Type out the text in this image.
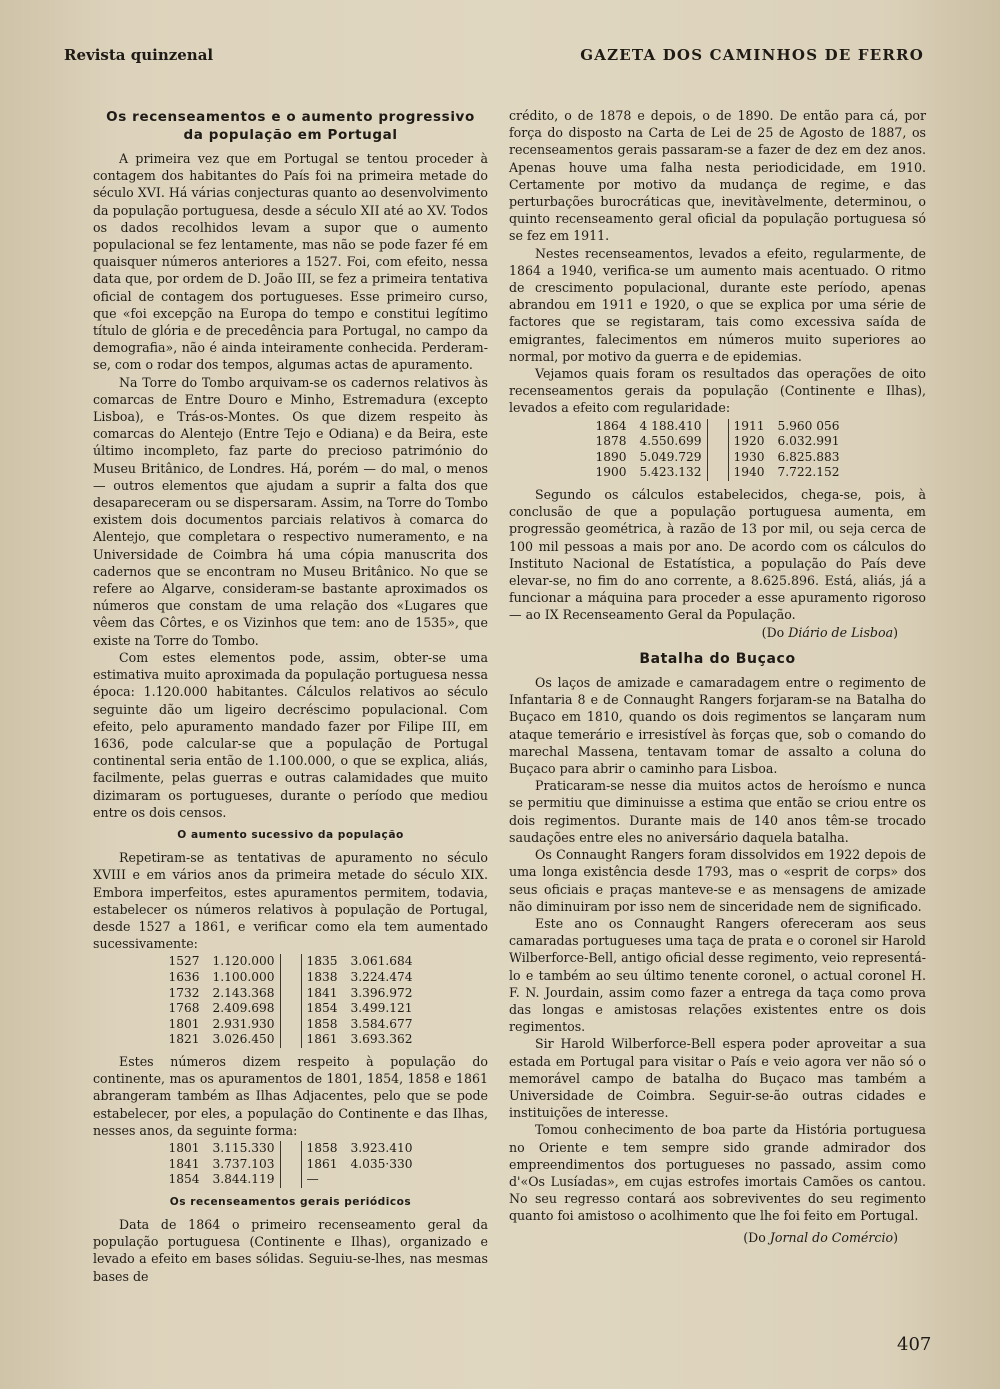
Revista quinzenal	GAZETA DOS CAMINHOS DE FERRO
Os recenseamentos e o aumento progressivo
da população em Portugal

A primeira vez que em Portugal se tentou proceder à contagem dos habitantes do País foi na primeira metade do século XVI. Há várias conjecturas quanto ao desenvolvimento da população portuguesa, desde a século XII até ao XV. Todos os dados recolhidos levam a supor que o aumento populacional se fez lentamente, mas não se pode fazer fé em quaisquer números anteriores a 1527. Foi, com efeito, nessa data que, por ordem de D. João III, se fez a primeira tentativa oficial de contagem dos portugueses. Esse primeiro curso, que «foi excepção na Europa do tempo e constitui legítimo título de glória e de precedência para Portugal, no campo da demografia», não é ainda inteiramente conhecida. Perderam-se, com o rodar dos tempos, algumas actas de apuramento.

Na Torre do Tombo arquivam-se os cadernos relativos às comarcas de Entre Douro e Minho, Estremadura (excepto Lisboa), e Trás-os-Montes. Os que dizem respeito às comarcas do Alentejo (Entre Tejo e Odiana) e da Beira, este último incompleto, faz parte do precioso património do Museu Britânico, de Londres. Há, porém — do mal, o menos — outros elementos que ajudam a suprir a falta dos que desapareceram ou se dispersaram. Assim, na Torre do Tombo existem dois documentos parciais relativos à comarca do Alentejo, que completara o respectivo numeramento, e na Universidade de Coimbra há uma cópia manuscrita dos cadernos que se encontram no Museu Britânico. No que se refere ao Algarve, consideram-se bastante aproximados os números que constam de uma relação dos «Lugares que vêem das Côrtes, e os Vizinhos que tem: ano de 1535», que existe na Torre do Tombo.

Com estes elementos pode, assim, obter-se uma estimativa muito aproximada da população portuguesa nessa época: 1.120.000 habitantes. Cálculos relativos ao século seguinte dão um ligeiro decréscimo populacional. Com efeito, pelo apuramento mandado fazer por Filipe III, em 1636, pode calcular-se que a população de Portugal continental seria então de 1.100.000, o que se explica, aliás, facilmente, pelas guerras e outras calamidades que muito dizimaram os portugueses, durante o período que mediou entre os dois censos.

O aumento sucessivo da população

Repetiram-se as tentativas de apuramento no século XVIII e em vários anos da primeira metade do século XIX. Embora imperfeitos, estes apuramentos permitem, todavia, estabelecer os números relativos à população de Portugal, desde 1527 a 1861, e verificar como ela tem aumentado sucessivamente:

1527	1.120.000		1835	3.061.684
1636	1.100.000		1838	3.224.474
1732	2.143.368		1841	3.396.972
1768	2.409.698		1854	3.499.121
1801	2.931.930		1858	3.584.677
1821	3.026.450		1861	3.693.362

Estes números dizem respeito à população do continente, mas os apuramentos de 1801, 1854, 1858 e 1861 abrangeram também as Ilhas Adjacentes, pelo que se pode estabelecer, por eles, a população do Continente e das Ilhas, nesses anos, da seguinte forma:

1801	3.115.330		1858	3.923.410
1841	3.737.103		1861	4.035·330
1854	3.844.119		—	
Os recenseamentos gerais periódicos

Data de 1864 o primeiro recenseamento geral da população portuguesa (Continente e Ilhas), organizado e levado a efeito em bases sólidas. Seguiu-se-lhes, nas mesmas bases de

crédito, o de 1878 e depois, o de 1890. De então para cá, por força do disposto na Carta de Lei de 25 de Agosto de 1887, os recenseamentos gerais passaram-se a fazer de dez em dez anos. Apenas houve uma falha nesta periodicidade, em 1910. Certamente por motivo da mudança de regime, e das perturbações burocráticas que, inevitàvelmente, determinou, o quinto recenseamento geral oficial da população portuguesa só se fez em 1911.

Nestes recenseamentos, levados a efeito, regularmente, de 1864 a 1940, verifica-se um aumento mais acentuado. O ritmo de crescimento populacional, durante este período, apenas abrandou em 1911 e 1920, o que se explica por uma série de factores que se registaram, tais como excessiva saída de emigrantes, falecimentos em números muito superiores ao normal, por motivo da guerra e de epidemias.

Vejamos quais foram os resultados das operações de oito recenseamentos gerais da população (Continente e Ilhas), levados a efeito com regularidade:

1864	4 188.410		1911	5.960 056
1878	4.550.699		1920	6.032.991
1890	5.049.729		1930	6.825.883
1900	5.423.132		1940	7.722.152

Segundo os cálculos estabelecidos, chega-se, pois, à conclusão de que a população portuguesa aumenta, em progressão geométrica, à razão de 13 por mil, ou seja cerca de 100 mil pessoas a mais por ano. De acordo com os cálculos do Instituto Nacional de Estatística, a população do País deve elevar-se, no fim do ano corrente, a 8.625.896. Está, aliás, já a funcionar a máquina para proceder a esse apuramento rigoroso — ao IX Recenseamento Geral da População.

(Do Diário de Lisboa)
Batalha do Buçaco

Os laços de amizade e camaradagem entre o regimento de Infantaria 8 e de Connaught Rangers forjaram-se na Batalha do Buçaco em 1810, quando os dois regimentos se lançaram num ataque temerário e irresistível às forças que, sob o comando do marechal Massena, tentavam tomar de assalto a coluna do Buçaco para abrir o caminho para Lisboa.

Praticaram-se nesse dia muitos actos de heroísmo e nunca se permitiu que diminuisse a estima que então se criou entre os dois regimentos. Durante mais de 140 anos têm-se trocado saudações entre eles no aniversário daquela batalha.

Os Connaught Rangers foram dissolvidos em 1922 depois de uma longa existência desde 1793, mas o «esprit de corps» dos seus oficiais e praças manteve-se e as mensagens de amizade não diminuiram por isso nem de sinceridade nem de significado.

Este ano os Connaught Rangers ofereceram aos seus camaradas portugueses uma taça de prata e o coronel sir Harold Wilberforce-Bell, antigo oficial desse regimento, veio representá-lo e também ao seu último tenente coronel, o actual coronel H. F. N. Jourdain, assim como fazer a entrega da taça como prova das longas e amistosas relações existentes entre os dois regimentos.

Sir Harold Wilberforce-Bell espera poder aproveitar a sua estada em Portugal para visitar o País e veio agora ver não só o memorável campo de batalha do Buçaco mas também a Universidade de Coimbra. Seguir-se-ão outras cidades e instituições de interesse.

Tomou conhecimento de boa parte da História portuguesa no Oriente e tem sempre sido grande admirador dos empreendimentos dos portugueses no passado, assim como d'«Os Lusíadas», em cujas estrofes imortais Camões os cantou. No seu regresso contará aos sobreviventes do seu regimento quanto foi amistoso o acolhimento que lhe foi feito em Portugal.

(Do Jornal do Comércio)
407
